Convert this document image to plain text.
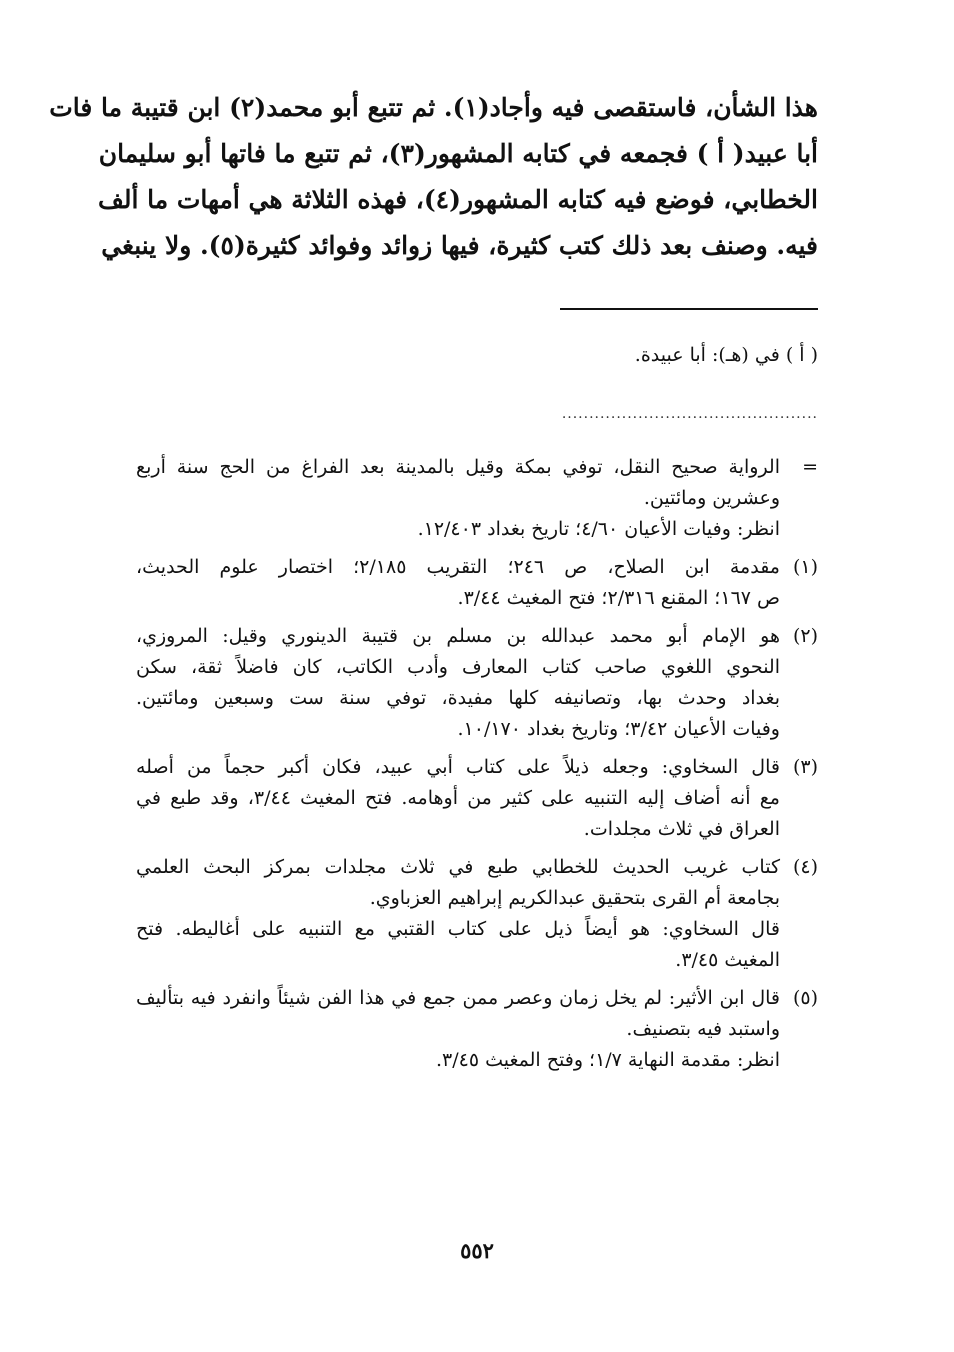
هذا الشأن، فاستقصى فيه وأجاد(١). ثم تتبع أبو محمد(٢) ابن قتيبة ما فات
أبا عبيد( أ ) فجمعه في كتابه المشهور(٣)، ثم تتبع ما فاتها أبو سليمان
الخطابي، فوضع فيه كتابه المشهور(٤)، فهذه الثلاثة هي أمهات ما ألف
فيه. وصنف بعد ذلك كتب كثيرة، فيها زوائد وفوائد كثيرة(٥). ولا ينبغي
( أ ) في (هـ): أبا عبيدة.
...............................................
=
الرواية صحيح النقل، توفي بمكة وقيل بالمدينة بعد الفراغ من الحج سنة أربع
وعشرين ومائتين.
انظر: وفيات الأعيان ٤/٦٠؛ تاريخ بغداد ١٢/٤٠٣.
(١)
مقدمة ابن الصلاح، ص ٢٤٦؛ التقريب ٢/١٨٥؛ اختصار علوم الحديث،
ص ١٦٧؛ المقنع ٢/٣١٦؛ فتح المغيث ٣/٤٤.
(٢)
هو الإمام أبو محمد عبدالله بن مسلم بن قتيبة الدينوري وقيل: المروزي،
النحوي اللغوي صاحب كتاب المعارف وأدب الكاتب، كان فاضلاً ثقة، سكن
بغداد وحدث بها، وتصانيفه كلها مفيدة، توفي سنة ست وسبعين ومائتين.
وفيات الأعيان ٣/٤٢؛ وتاريخ بغداد ١٠/١٧٠.
(٣)
قال السخاوي: وجعله ذيلاً على كتاب أبي عبيد، فكان أكبر حجماً من أصله
مع أنه أضاف إليه التنبيه على كثير من أوهامه. فتح المغيث ٣/٤٤، وقد طبع في
العراق في ثلاث مجلدات.
(٤)
كتاب غريب الحديث للخطابي طبع في ثلاث مجلدات بمركز البحث العلمي
بجامعة أم القرى بتحقيق عبدالكريم إبراهيم العزباوي.
قال السخاوي: هو أيضاً ذيل على كتاب القتبي مع التنبيه على أغاليطه. فتح
المغيث ٣/٤٥.
(٥)
قال ابن الأثير: لم يخل زمان وعصر ممن جمع في هذا الفن شيئاً وانفرد فيه بتأليف
واستبد فيه بتصنيف.
انظر: مقدمة النهاية ١/٧؛ وفتح المغيث ٣/٤٥.
٥٥٢
